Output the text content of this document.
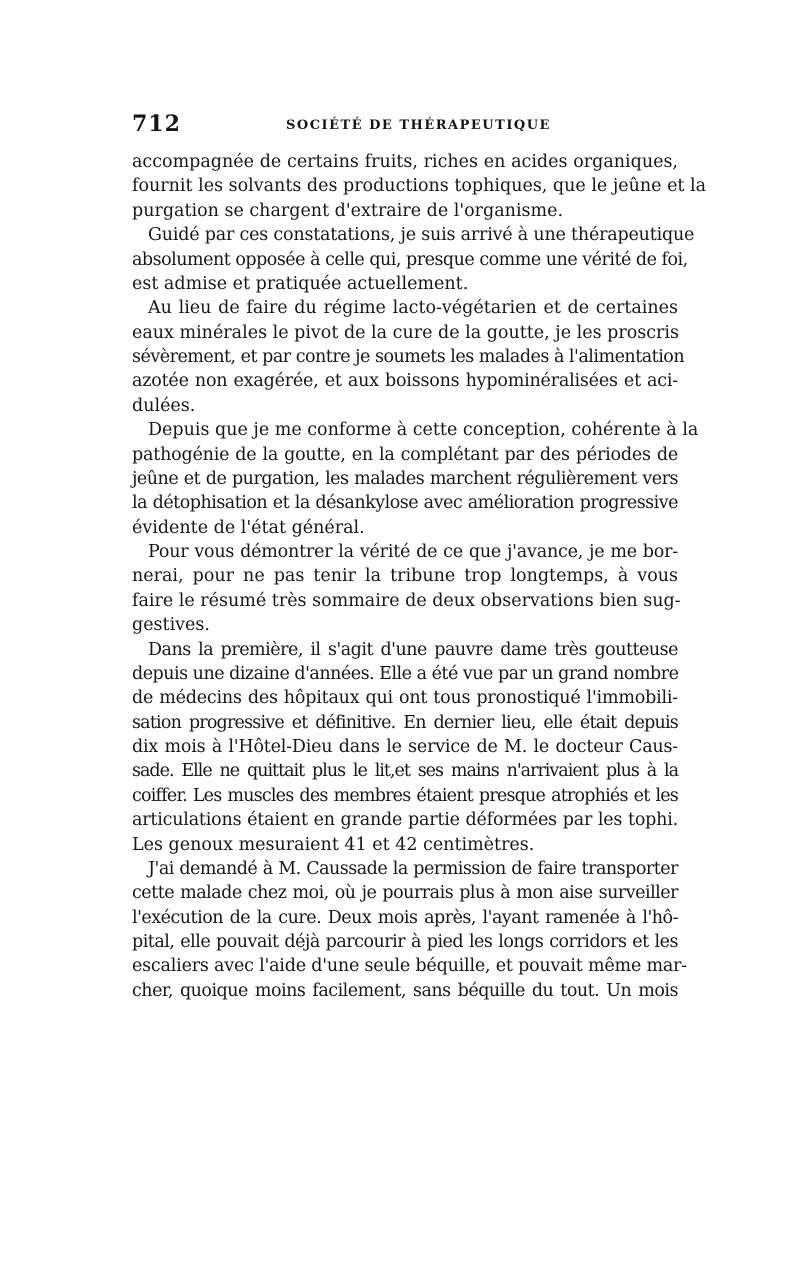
712	SOCIÉTÉ DE THÉRAPEUTIQUE
accompagnée de certains fruits, riches en acides organiques,
fournit les solvants des productions tophiques, que le jeûne et la
purgation se chargent d'extraire de l'organisme.
Guidé par ces constatations, je suis arrivé à une thérapeutique
absolument opposée à celle qui, presque comme une vérité de foi,
est admise et pratiquée actuellement.
Au lieu de faire du régime lacto-végétarien et de certaines
eaux minérales le pivot de la cure de la goutte, je les proscris
sévèrement, et par contre je soumets les malades à l'alimentation
azotée non exagérée, et aux boissons hypominéralisées et aci-
dulées.
Depuis que je me conforme à cette conception, cohérente à la
pathogénie de la goutte, en la complétant par des périodes de
jeûne et de purgation, les malades marchent régulièrement vers
la détophisation et la désankylose avec amélioration progressive
évidente de l'état général.
Pour vous démontrer la vérité de ce que j'avance, je me bor-
nerai, pour ne pas tenir la tribune trop longtemps, à vous
faire le résumé très sommaire de deux observations bien sug-
gestives.
Dans la première, il s'agit d'une pauvre dame très goutteuse
depuis une dizaine d'années. Elle a été vue par un grand nombre
de médecins des hôpitaux qui ont tous pronostiqué l'immobili-
sation progressive et définitive. En dernier lieu, elle était depuis
dix mois à l'Hôtel-Dieu dans le service de M. le docteur Caus-
sade. Elle ne quittait plus le lit,et ses mains n'arrivaient plus à la
coiffer. Les muscles des membres étaient presque atrophiés et les
articulations étaient en grande partie déformées par les tophi.
Les genoux mesuraient 41 et 42 centimètres.
J'ai demandé à M. Caussade la permission de faire transporter
cette malade chez moi, où je pourrais plus à mon aise surveiller
l'exécution de la cure. Deux mois après, l'ayant ramenée à l'hô-
pital, elle pouvait déjà parcourir à pied les longs corridors et les
escaliers avec l'aide d'une seule béquille, et pouvait même mar-
cher, quoique moins facilement, sans béquille du tout. Un mois
